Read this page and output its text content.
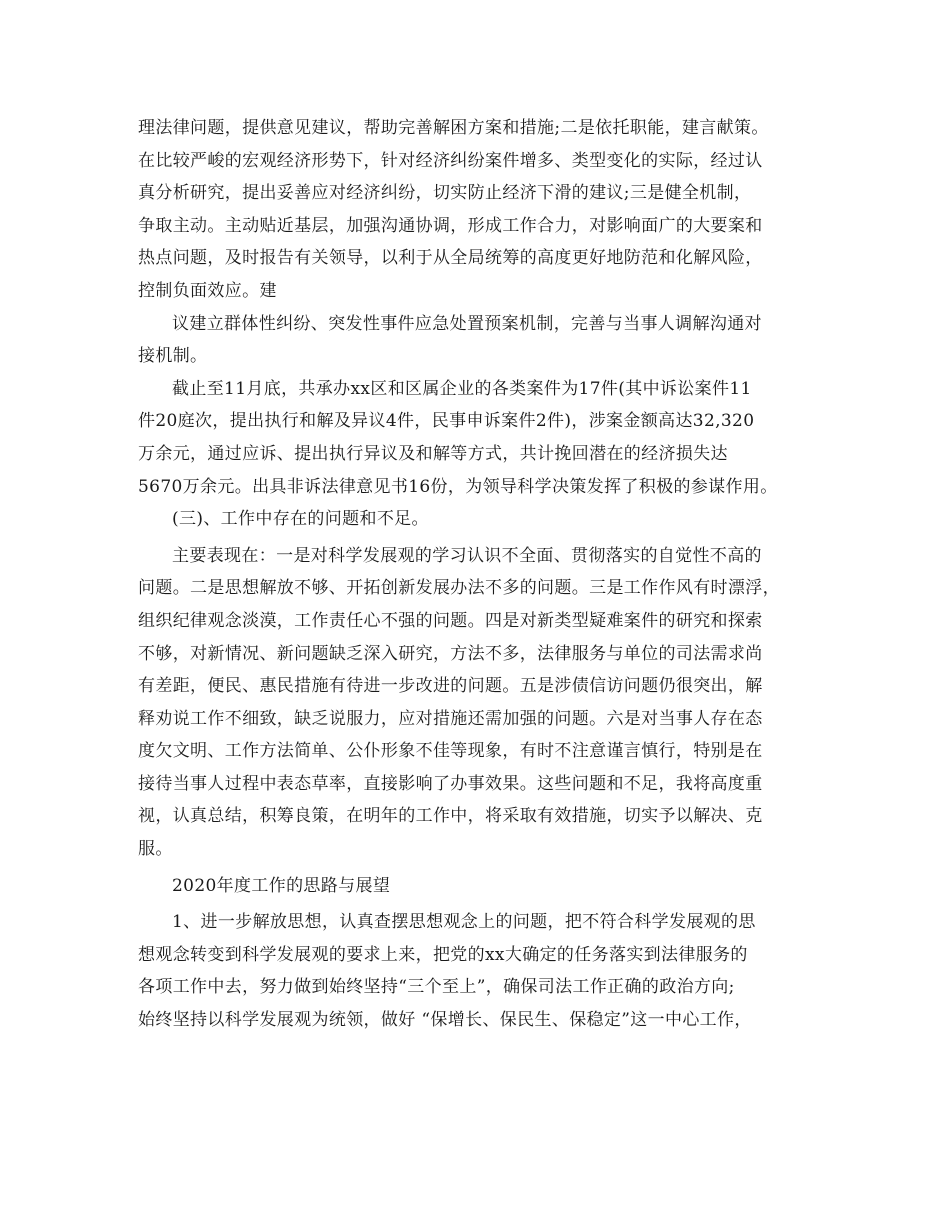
理法律问题，提供意见建议，帮助完善解困方案和措施;二是依托职能，建言献策。
在比较严峻的宏观经济形势下，针对经济纠纷案件增多、类型变化的实际，经过认
真分析研究，提出妥善应对经济纠纷，切实防止经济下滑的建议;三是健全机制，
争取主动。主动贴近基层，加强沟通协调，形成工作合力，对影响面广的大要案和
热点问题，及时报告有关领导，以利于从全局统筹的高度更好地防范和化解风险，
控制负面效应。建
议建立群体性纠纷、突发性事件应急处置预案机制，完善与当事人调解沟通对
接机制。
截止至11月底，共承办xx区和区属企业的各类案件为17件(其中诉讼案件11
件20庭次，提出执行和解及异议4件，民事申诉案件2件)，涉案金额高达32,320
万余元，通过应诉、提出执行异议及和解等方式，共计挽回潜在的经济损失达
5670万余元。出具非诉法律意见书16份，为领导科学决策发挥了积极的参谋作用。
(三)、工作中存在的问题和不足。
主要表现在：一是对科学发展观的学习认识不全面、贯彻落实的自觉性不高的
问题。二是思想解放不够、开拓创新发展办法不多的问题。三是工作作风有时漂浮，
组织纪律观念淡漠，工作责任心不强的问题。四是对新类型疑难案件的研究和探索
不够，对新情况、新问题缺乏深入研究，方法不多，法律服务与单位的司法需求尚
有差距，便民、惠民措施有待进一步改进的问题。五是涉债信访问题仍很突出，解
释劝说工作不细致，缺乏说服力，应对措施还需加强的问题。六是对当事人存在态
度欠文明、工作方法简单、公仆形象不佳等现象，有时不注意谨言慎行，特别是在
接待当事人过程中表态草率，直接影响了办事效果。这些问题和不足，我将高度重
视，认真总结，积筹良策，在明年的工作中，将采取有效措施，切实予以解决、克
服。
2020年度工作的思路与展望
1、进一步解放思想，认真查摆思想观念上的问题，把不符合科学发展观的思
想观念转变到科学发展观的要求上来，把党的xx大确定的任务落实到法律服务的
各项工作中去，努力做到始终坚持“三个至上”，确保司法工作正确的政治方向;
始终坚持以科学发展观为统领，做好 “保增长、保民生、保稳定”这一中心工作，
